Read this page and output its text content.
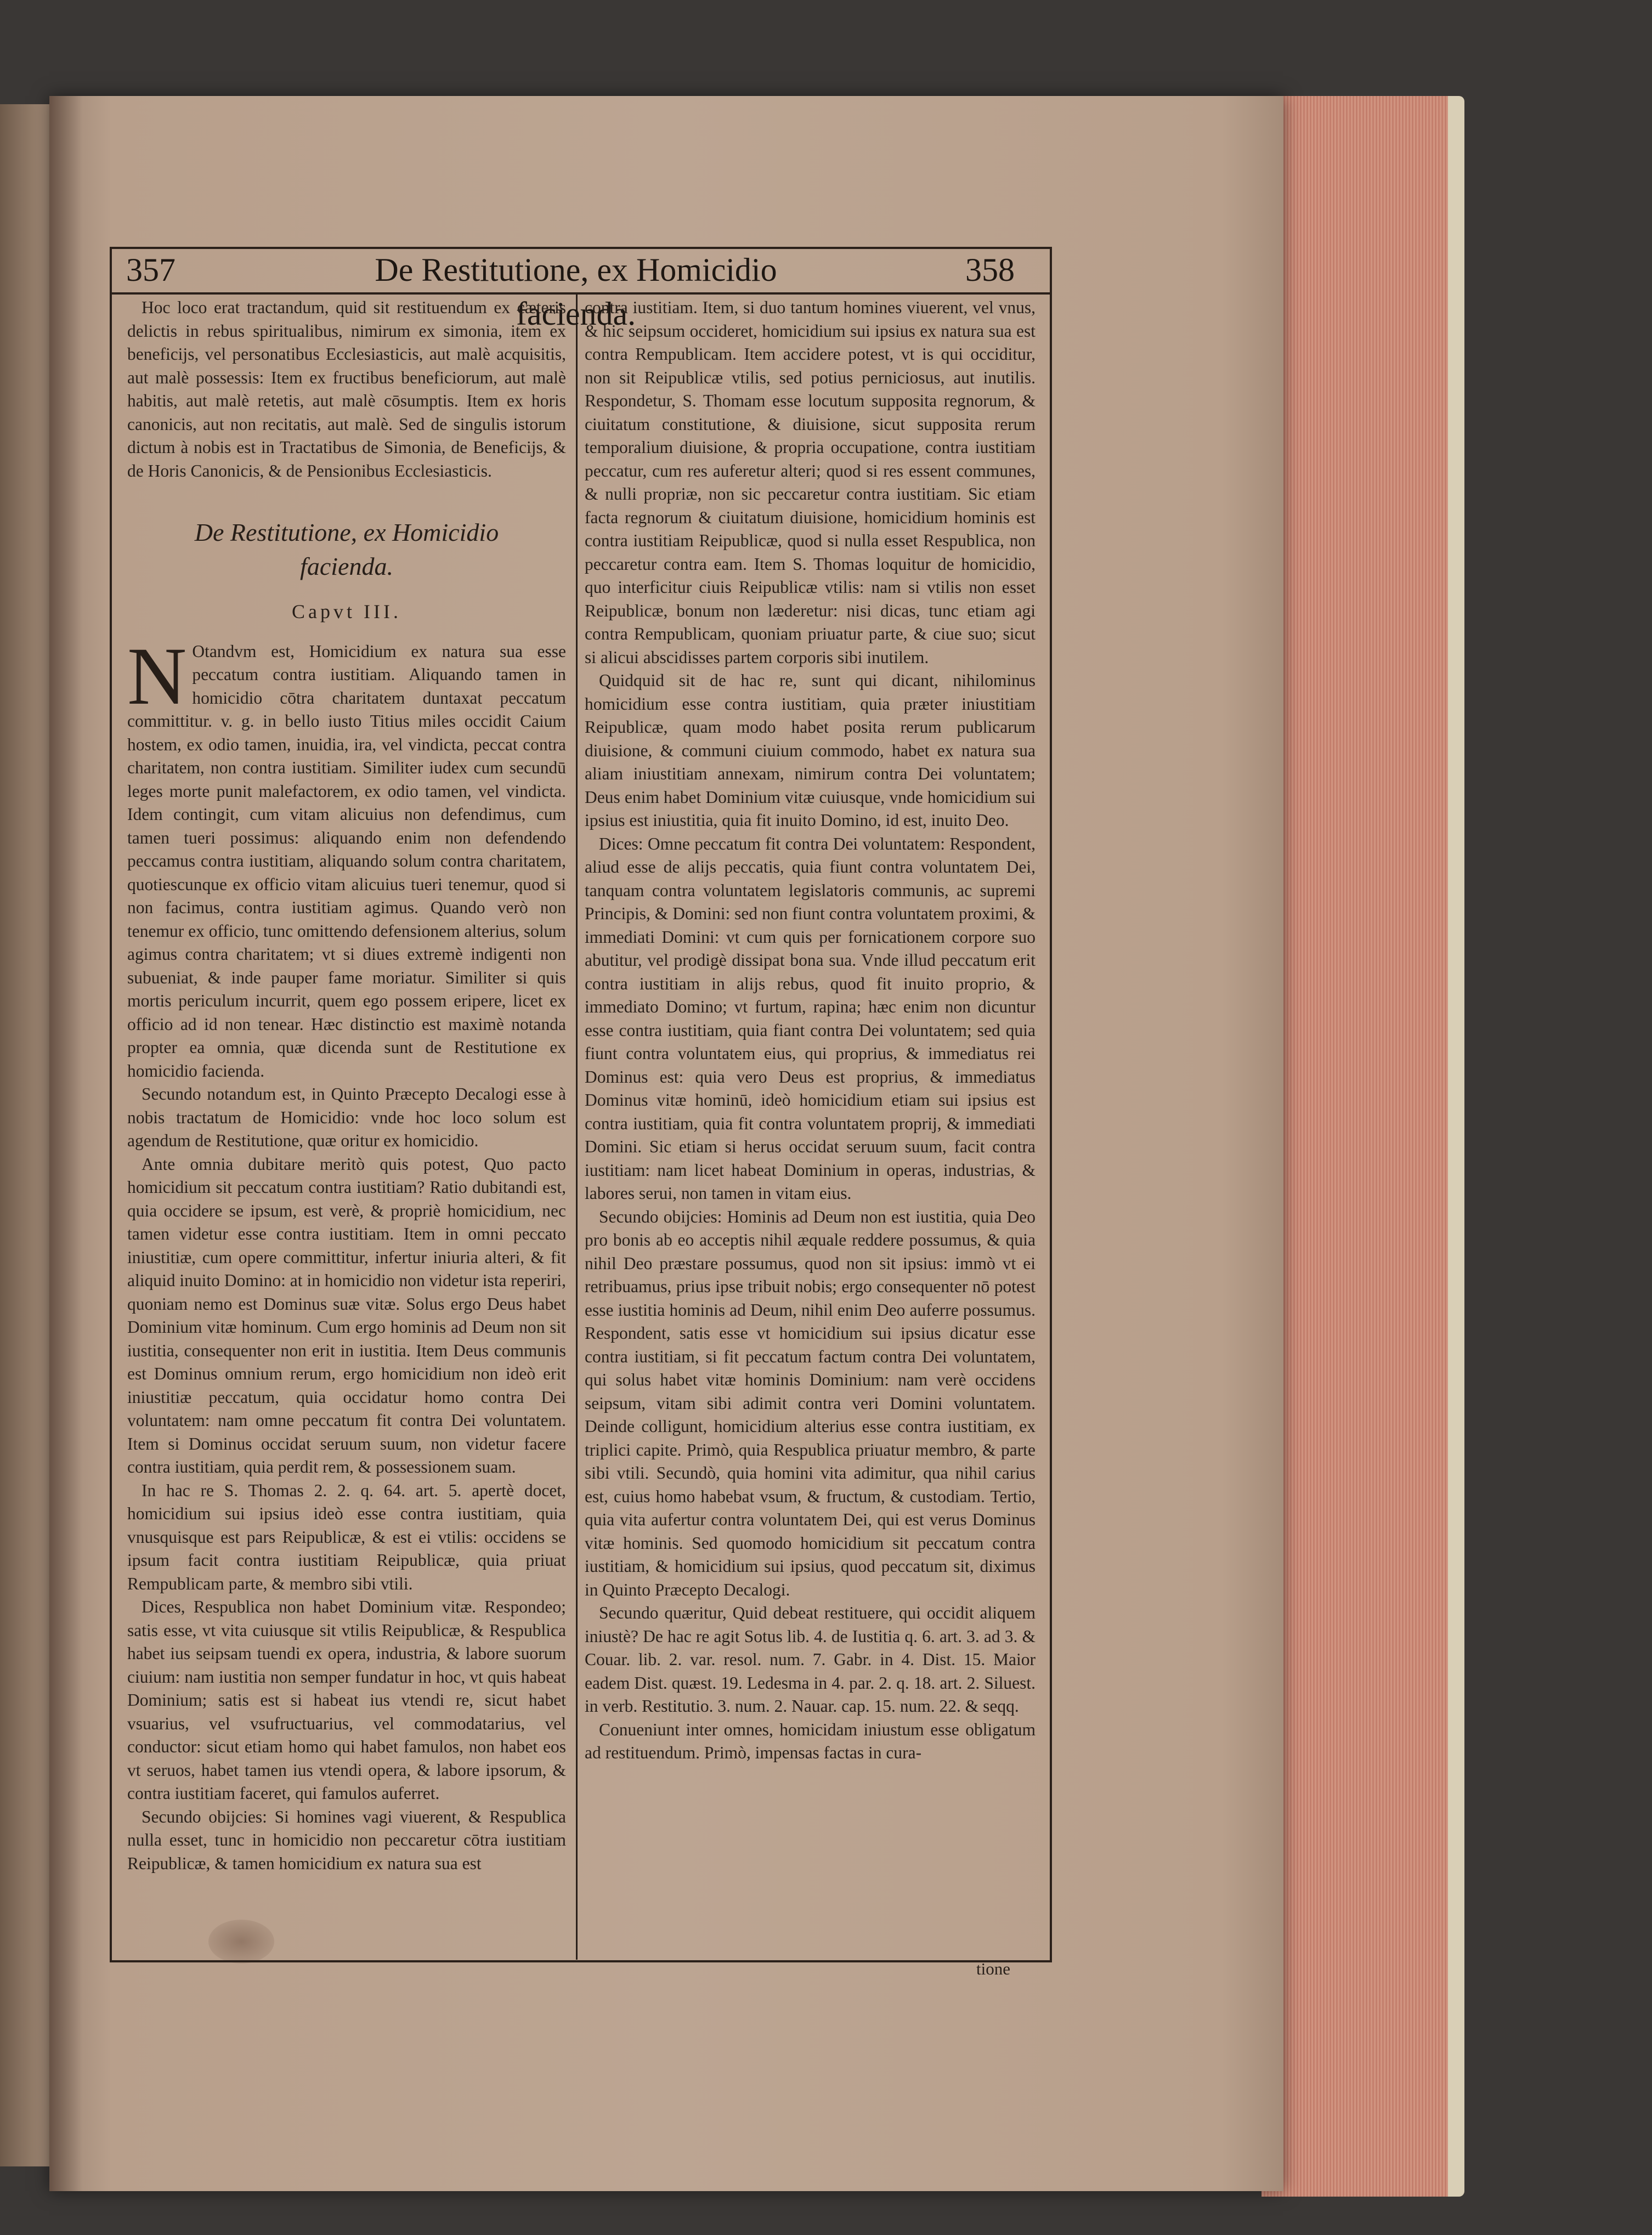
357	De Restitutione, ex Homicidio facienda.
358

Hoc loco erat tractandum, quid sit restituendum ex cæteris delictis in rebus spiritualibus, nimirum ex simonia, item ex beneficijs, vel personatibus Ecclesiasticis, aut malè acquisitis, aut malè possessis: Item ex fructibus beneficiorum, aut malè habitis, aut malè retetis, aut malè cōsumptis. Item ex horis canonicis, aut non recitatis, aut malè. Sed de singulis istorum dictum à nobis est in Tractatibus de Simonia, de Beneficijs, & de Horis Canonicis, & de Pensionibus Ecclesiasticis.

De Restitutione, ex Homicidio facienda.
Capvt III.

N Otandvm est, Homicidium ex natura sua esse peccatum contra iustitiam. Aliquando tamen in homicidio cōtra charitatem duntaxat peccatum committitur. v. g. in bello iusto Titius miles occidit Caium hostem, ex odio tamen, inuidia, ira, vel vindicta, peccat contra charitatem, non contra iustitiam. Similiter iudex cum secundū leges morte punit malefactorem, ex odio tamen, vel vindicta. Idem contingit, cum vitam alicuius non defendimus, cum tamen tueri possimus: aliquando enim non defendendo peccamus contra iustitiam, aliquando solum contra charitatem, quotiescunque ex officio vitam alicuius tueri tenemur, quod si non facimus, contra iustitiam agimus. Quando verò non tenemur ex officio, tunc omittendo defensionem alterius, solum agimus contra charitatem; vt si diues extremè indigenti non subueniat, & inde pauper fame moriatur. Similiter si quis mortis periculum incurrit, quem ego possem eripere, licet ex officio ad id non tenear. Hæc distinctio est maximè notanda propter ea omnia, quæ dicenda sunt de Restitutione ex homicidio facienda.

Secundo notandum est, in Quinto Præcepto Decalogi esse à nobis tractatum de Homicidio: vnde hoc loco solum est agendum de Restitutione, quæ oritur ex homicidio.

Ante omnia dubitare meritò quis potest, Quo pacto homicidium sit peccatum contra iustitiam? Ratio dubitandi est, quia occidere se ipsum, est verè, & propriè homicidium, nec tamen videtur esse contra iustitiam. Item in omni peccato iniustitiæ, cum opere committitur, infertur iniuria alteri, & fit aliquid inuito Domino: at in homicidio non videtur ista reperiri, quoniam nemo est Dominus suæ vitæ. Solus ergo Deus habet Dominium vitæ hominum. Cum ergo hominis ad Deum non sit iustitia, consequenter non erit in iustitia. Item Deus communis est Dominus omnium rerum, ergo homicidium non ideò erit iniustitiæ peccatum, quia occidatur homo contra Dei voluntatem: nam omne peccatum fit contra Dei voluntatem. Item si Dominus occidat seruum suum, non videtur facere contra iustitiam, quia perdit rem, & possessionem suam.

In hac re S. Thomas 2. 2. q. 64. art. 5. apertè docet, homicidium sui ipsius ideò esse contra iustitiam, quia vnusquisque est pars Reipublicæ, & est ei vtilis: occidens se ipsum facit contra iustitiam Reipublicæ, quia priuat Rempublicam parte, & membro sibi vtili.

Dices, Respublica non habet Dominium vitæ. Respondeo; satis esse, vt vita cuiusque sit vtilis Reipublicæ, & Respublica habet ius seipsam tuendi ex opera, industria, & labore suorum ciuium: nam iustitia non semper fundatur in hoc, vt quis habeat Dominium; satis est si habeat ius vtendi re, sicut habet vsuarius, vel vsufructuarius, vel commodatarius, vel conductor: sicut etiam homo qui habet famulos, non habet eos vt seruos, habet tamen ius vtendi opera, & labore ipsorum, & contra iustitiam faceret, qui famulos auferret.

Secundo obijcies: Si homines vagi viuerent, & Respublica nulla esset, tunc in homicidio non peccaretur cōtra iustitiam Reipublicæ, & tamen homicidium ex natura sua est

contra iustitiam. Item, si duo tantum homines viuerent, vel vnus, & hic seipsum occideret, homicidium sui ipsius ex natura sua est contra Rempublicam. Item accidere potest, vt is qui occiditur, non sit Reipublicæ vtilis, sed potius perniciosus, aut inutilis. Respondetur, S. Thomam esse locutum supposita regnorum, & ciuitatum constitutione, & diuisione, sicut supposita rerum temporalium diuisione, & propria occupatione, contra iustitiam peccatur, cum res auferetur alteri; quod si res essent communes, & nulli propriæ, non sic peccaretur contra iustitiam. Sic etiam facta regnorum & ciuitatum diuisione, homicidium hominis est contra iustitiam Reipublicæ, quod si nulla esset Respublica, non peccaretur contra eam. Item S. Thomas loquitur de homicidio, quo interficitur ciuis Reipublicæ vtilis: nam si vtilis non esset Reipublicæ, bonum non læderetur: nisi dicas, tunc etiam agi contra Rempublicam, quoniam priuatur parte, & ciue suo; sicut si alicui abscidisses partem corporis sibi inutilem.

Quidquid sit de hac re, sunt qui dicant, nihilominus homicidium esse contra iustitiam, quia præter iniustitiam Reipublicæ, quam modo habet posita rerum publicarum diuisione, & communi ciuium commodo, habet ex natura sua aliam iniustitiam annexam, nimirum contra Dei voluntatem; Deus enim habet Dominium vitæ cuiusque, vnde homicidium sui ipsius est iniustitia, quia fit inuito Domino, id est, inuito Deo.

Dices: Omne peccatum fit contra Dei voluntatem: Respondent, aliud esse de alijs peccatis, quia fiunt contra voluntatem Dei, tanquam contra voluntatem legislatoris communis, ac supremi Principis, & Domini: sed non fiunt contra voluntatem proximi, & immediati Domini: vt cum quis per fornicationem corpore suo abutitur, vel prodigè dissipat bona sua. Vnde illud peccatum erit contra iustitiam in alijs rebus, quod fit inuito proprio, & immediato Domino; vt furtum, rapina; hæc enim non dicuntur esse contra iustitiam, quia fiant contra Dei voluntatem; sed quia fiunt contra voluntatem eius, qui proprius, & immediatus rei Dominus est: quia vero Deus est proprius, & immediatus Dominus vitæ hominū, ideò homicidium etiam sui ipsius est contra iustitiam, quia fit contra voluntatem proprij, & immediati Domini. Sic etiam si herus occidat seruum suum, facit contra iustitiam: nam licet habeat Dominium in operas, industrias, & labores serui, non tamen in vitam eius.

Secundo obijcies: Hominis ad Deum non est iustitia, quia Deo pro bonis ab eo acceptis nihil æquale reddere possumus, & quia nihil Deo præstare possumus, quod non sit ipsius: immò vt ei retribuamus, prius ipse tribuit nobis; ergo consequenter nō potest esse iustitia hominis ad Deum, nihil enim Deo auferre possumus. Respondent, satis esse vt homicidium sui ipsius dicatur esse contra iustitiam, si fit peccatum factum contra Dei voluntatem, qui solus habet vitæ hominis Dominium: nam verè occidens seipsum, vitam sibi adimit contra veri Domini voluntatem. Deinde colligunt, homicidium alterius esse contra iustitiam, ex triplici capite. Primò, quia Respublica priuatur membro, & parte sibi vtili. Secundò, quia homini vita adimitur, qua nihil carius est, cuius homo habebat vsum, & fructum, & custodiam. Tertio, quia vita aufertur contra voluntatem Dei, qui est verus Dominus vitæ hominis. Sed quomodo homicidium sit peccatum contra iustitiam, & homicidium sui ipsius, quod peccatum sit, diximus in Quinto Præcepto Decalogi.

Secundo quæritur, Quid debeat restituere, qui occidit aliquem iniustè? De hac re agit Sotus lib. 4. de Iustitia q. 6. art. 3. ad 3. & Couar. lib. 2. var. resol. num. 7. Gabr. in 4. Dist. 15. Maior eadem Dist. quæst. 19. Ledesma in 4. par. 2. q. 18. art. 2. Siluest. in verb. Restitutio. 3. num. 2. Nauar. cap. 15. num. 22. & seqq.

Conueniunt inter omnes, homicidam iniustum esse obligatum ad restituendum. Primò, impensas factas in cura-

tione
